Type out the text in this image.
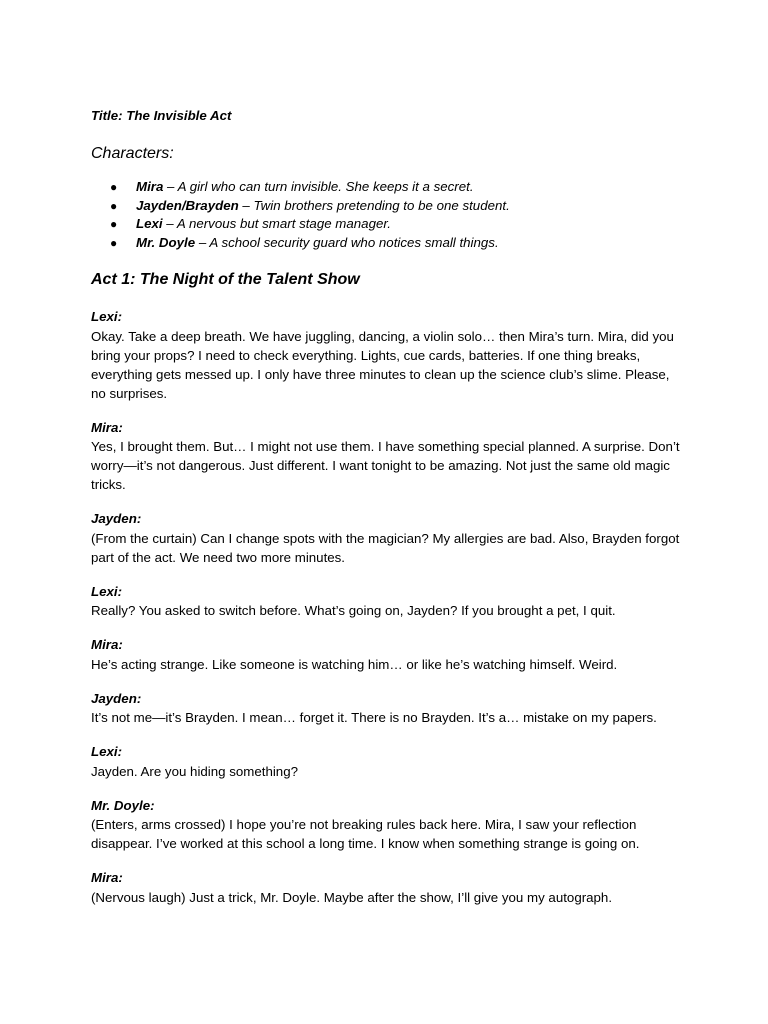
Title: The Invisible Act

Characters:
● Mira – A girl who can turn invisible. She keeps it a secret.
● Jayden/Brayden – Twin brothers pretending to be one student.
● Lexi – A nervous but smart stage manager.
● Mr. Doyle – A school security guard who notices small things.
Act 1: The Night of the Talent Show

Lexi:

Okay. Take a deep breath. We have juggling, dancing, a violin solo… then Mira’s turn. Mira, did you bring your props? I need to check everything. Lights, cue cards, batteries. If one thing breaks, everything gets messed up. I only have three minutes to clean up the science club’s slime. Please, no surprises.

Mira:

Yes, I brought them. But… I might not use them. I have something special planned. A surprise. Don’t worry—it’s not dangerous. Just different. I want tonight to be amazing. Not just the same old magic tricks.

Jayden:

(From the curtain) Can I change spots with the magician? My allergies are bad. Also, Brayden forgot part of the act. We need two more minutes.

Lexi:

Really? You asked to switch before. What’s going on, Jayden? If you brought a pet, I quit.

Mira:

He’s acting strange. Like someone is watching him… or like he’s watching himself. Weird.

Jayden:

It’s not me—it’s Brayden. I mean… forget it. There is no Brayden. It’s a… mistake on my papers.

Lexi:

Jayden. Are you hiding something?

Mr. Doyle:

(Enters, arms crossed) I hope you’re not breaking rules back here. Mira, I saw your reflection disappear. I’ve worked at this school a long time. I know when something strange is going on.

Mira:

(Nervous laugh) Just a trick, Mr. Doyle. Maybe after the show, I’ll give you my autograph.
